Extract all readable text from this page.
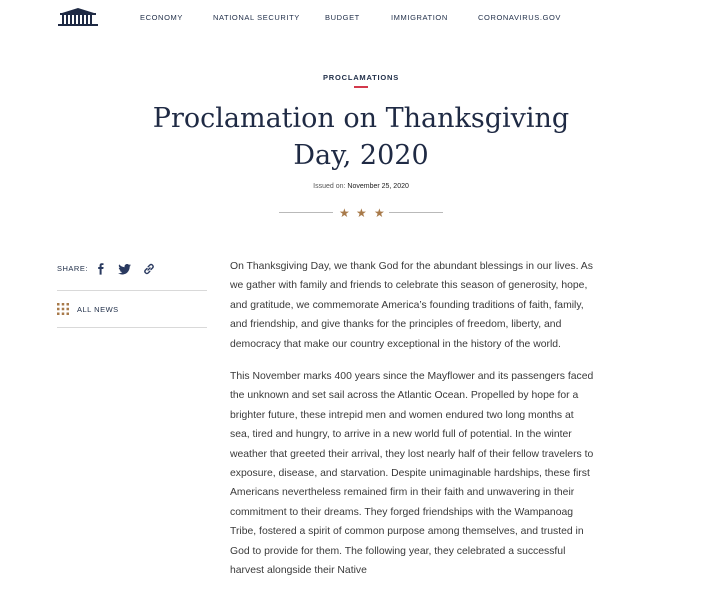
ECONOMY	NATIONAL SECURITY	BUDGET	IMMIGRATION	CORONAVIRUS.GOV
PROCLAMATIONS
Proclamation on Thanksgiving Day, 2020
Issued on: November 25, 2020
★ ★ ★
SHARE:
ALL NEWS

On Thanksgiving Day, we thank God for the abundant blessings in our lives. As we gather with family and friends to celebrate this season of generosity, hope, and gratitude, we commemorate America’s founding traditions of faith, family, and friendship, and give thanks for the principles of freedom, liberty, and democracy that make our country exceptional in the history of the world.

This November marks 400 years since the Mayflower and its passengers faced the unknown and set sail across the Atlantic Ocean. Propelled by hope for a brighter future, these intrepid men and women endured two long months at sea, tired and hungry, to arrive in a new world full of potential. In the winter weather that greeted their arrival, they lost nearly half of their fellow travelers to exposure, disease, and starvation. Despite unimaginable hardships, these first Americans nevertheless remained firm in their faith and unwavering in their commitment to their dreams. They forged friendships with the Wampanoag Tribe, fostered a spirit of common purpose among themselves, and trusted in God to provide for them. The following year, they celebrated a successful harvest alongside their Native
